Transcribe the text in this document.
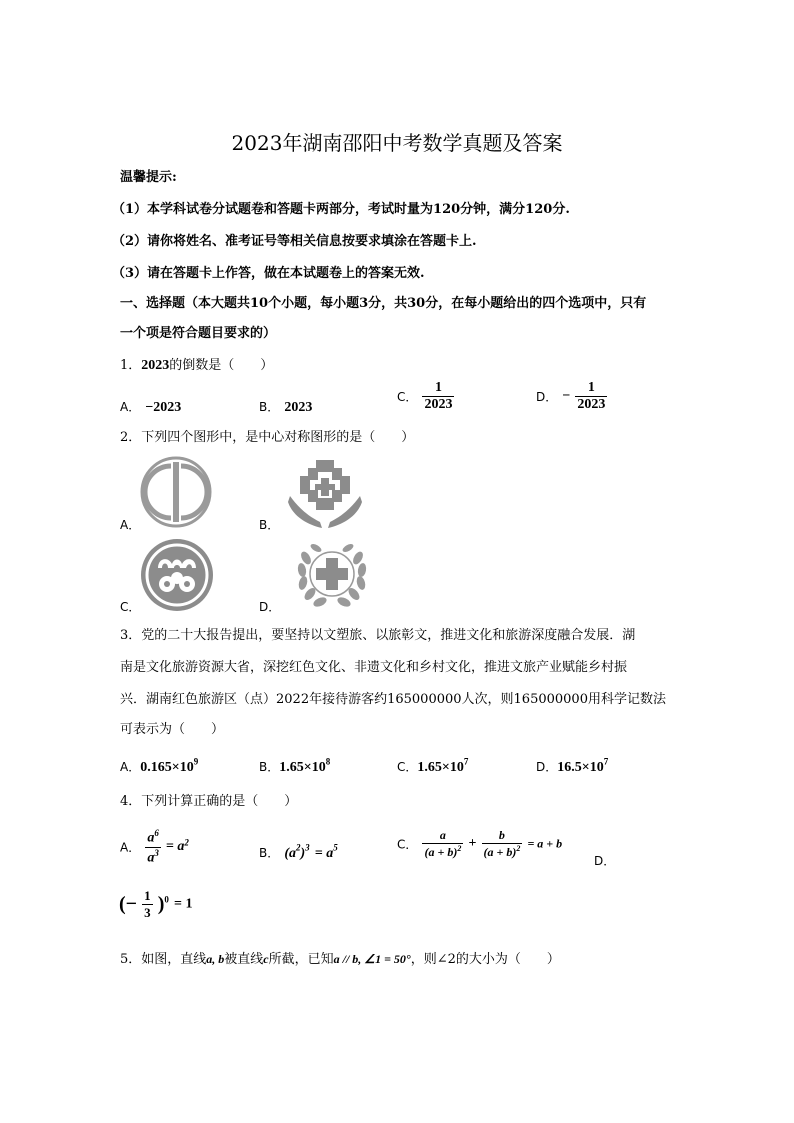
2023年湖南邵阳中考数学真题及答案
温馨提示:
（1）本学科试卷分试题卷和答题卡两部分，考试时量为120分钟，满分120分.
（2）请你将姓名、准考证号等相关信息按要求填涂在答题卡上.
（3）请在答题卡上作答，做在本试题卷上的答案无效.
一、选择题（本大题共10个小题，每小题3分，共30分，在每小题给出的四个选项中，只有
一个项是符合题目要求的）
1．2023的倒数是（　　）
A． −2023	B． 2023
C． $\frac{1}{2023}$	D． − $\frac{1}{2023}$
2．下列四个图形中，是中心对称图形的是（　　）
A．	B．
C．	D．
3．党的二十大报告提出，要坚持以文塑旅、以旅彰文，推进文化和旅游深度融合发展．湖
南是文化旅游资源大省，深挖红色文化、非遗文化和乡村文化，推进文旅产业赋能乡村振
兴．湖南红色旅游区（点）2022年接待游客约165000000人次，则165000000用科学记数法
可表示为（　　）
A．$0.165\times 10^9$	B．$1.65\times 10^8$	C．$1.65\times 10^7$	D．$16.5\times 10^7$
4．下列计算正确的是（　　）
A． $\frac{a^6}{a^3} = a^2$
B． $(a^2)^3 = a^5$	C． $\frac{a}{(a + b)^2} + \frac{b}{(a + b)^2} = a + b$
D．
(− $\frac{1}{3} )^0 = 1$
5．如图，直线a, b被直线c所截，已知a // b, ∠1 = 50°，则∠2的大小为（　　）
